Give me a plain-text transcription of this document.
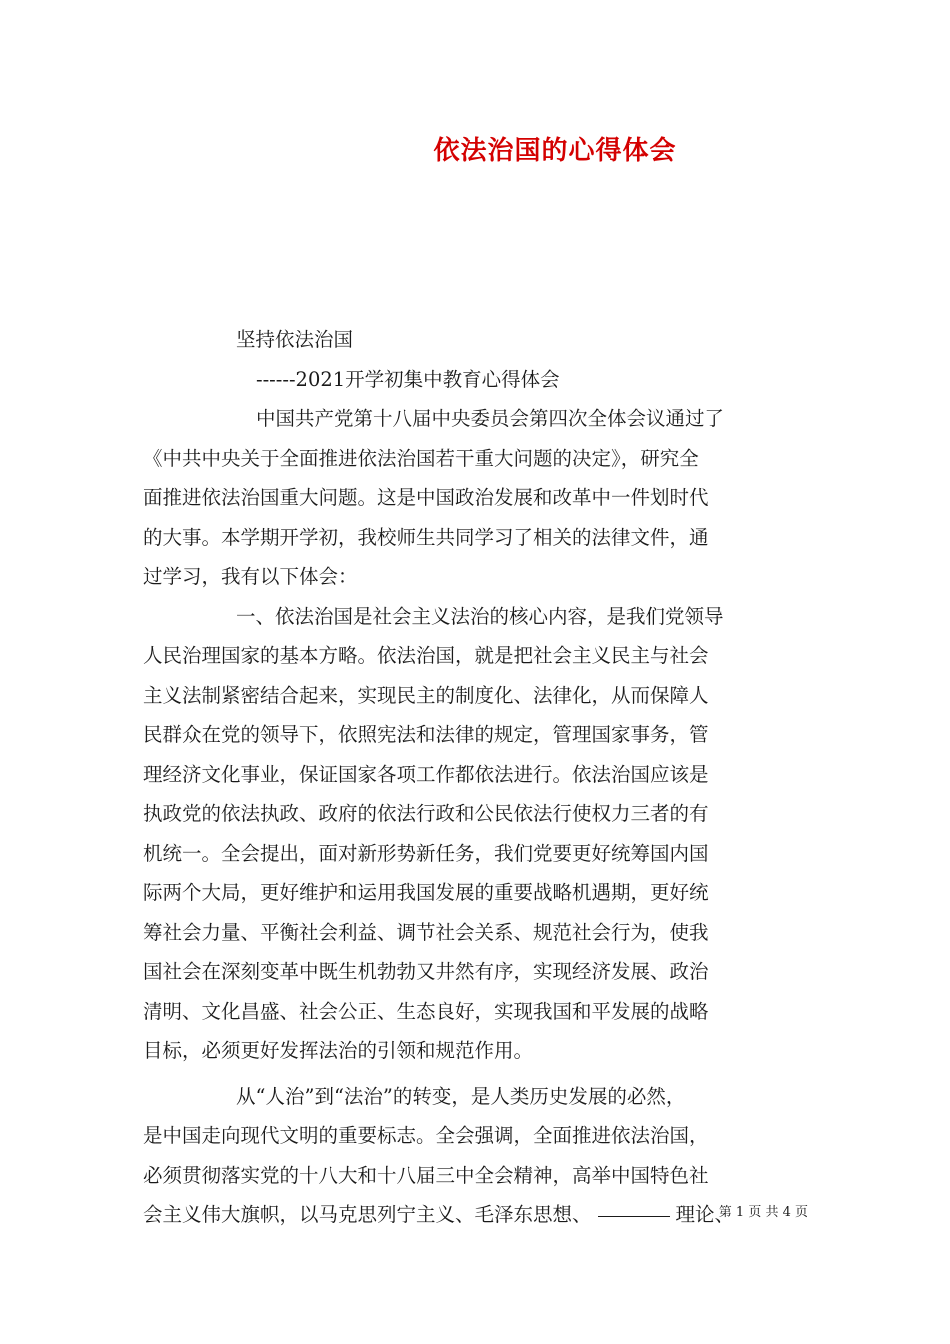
依法治国的心得体会
坚持依法治国
------2021开学初集中教育心得体会
中国共产党第十八届中央委员会第四次全体会议通过了
《中共中央关于全面推进依法治国若干重大问题的决定》，研究全
面推进依法治国重大问题。这是中国政治发展和改革中一件划时代
的大事。本学期开学初，我校师生共同学习了相关的法律文件，通
过学习，我有以下体会：
一、依法治国是社会主义法治的核心内容，是我们党领导
人民治理国家的基本方略。依法治国，就是把社会主义民主与社会
主义法制紧密结合起来，实现民主的制度化、法律化，从而保障人
民群众在党的领导下，依照宪法和法律的规定，管理国家事务，管
理经济文化事业，保证国家各项工作都依法进行。依法治国应该是
执政党的依法执政、政府的依法行政和公民依法行使权力三者的有
机统一。全会提出，面对新形势新任务，我们党要更好统筹国内国
际两个大局，更好维护和运用我国发展的重要战略机遇期，更好统
筹社会力量、平衡社会利益、调节社会关系、规范社会行为，使我
国社会在深刻变革中既生机勃勃又井然有序，实现经济发展、政治
清明、文化昌盛、社会公正、生态良好，实现我国和平发展的战略
目标，必须更好发挥法治的引领和规范作用。
从“人治”到“法治”的转变，是人类历史发展的必然，
是中国走向现代文明的重要标志。全会强调，全面推进依法治国，
必须贯彻落实党的十八大和十八届三中全会精神，高举中国特色社
会主义伟大旗帜，以马克思列宁主义、毛泽东思想、	理论、
第 1 页 共 4 页
